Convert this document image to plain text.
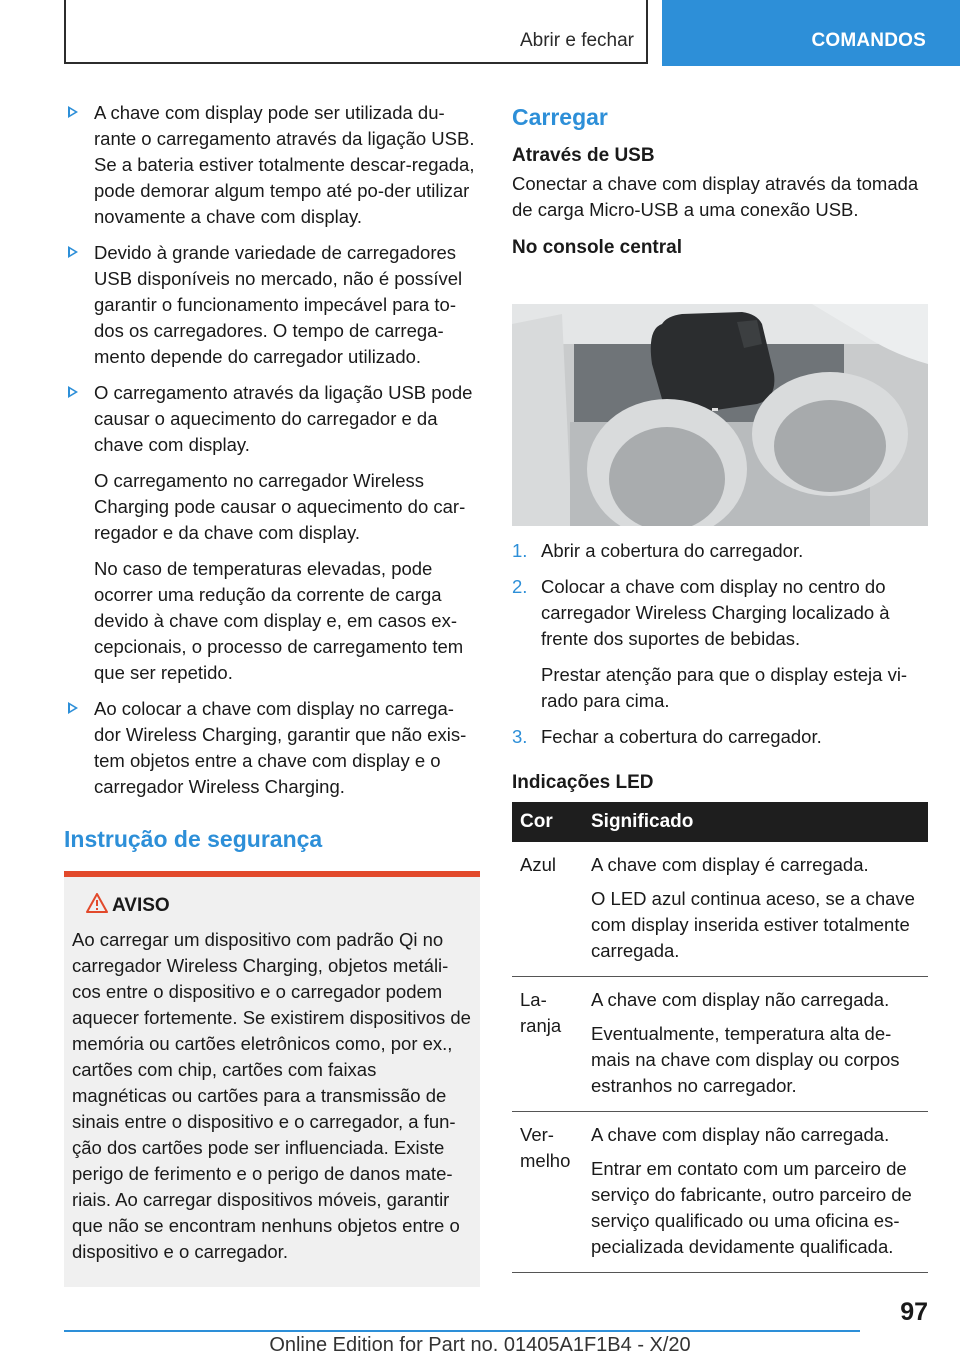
Abrir e fechar	COMANDOS
A chave com display pode ser utilizada du-rante o carregamento através da ligação USB. Se a bateria estiver totalmente descar-regada, pode demorar algum tempo até po-der utilizar novamente a chave com display.
Devido à grande variedade de carregadores USB disponíveis no mercado, não é possível garantir o funcionamento impecável para to-dos os carregadores. O tempo de carrega-mento depende do carregador utilizado.
O carregamento através da ligação USB pode causar o aquecimento do carregador e da chave com display.
O carregamento no carregador Wireless Charging pode causar o aquecimento do car-regador e da chave com display.
No caso de temperaturas elevadas, pode ocorrer uma redução da corrente de carga devido à chave com display e, em casos ex-cepcionais, o processo de carregamento tem que ser repetido.
Ao colocar a chave com display no carrega-dor Wireless Charging, garantir que não exis-tem objetos entre a chave com display e o carregador Wireless Charging.
Instrução de segurança
AVISO
Ao carregar um dispositivo com padrão Qi no carregador Wireless Charging, objetos metáli-cos entre o dispositivo e o carregador podem aquecer fortemente. Se existirem dispositivos de memória ou cartões eletrônicos como, por ex., cartões com chip, cartões com faixas magnéticas ou cartões para a transmissão de sinais entre o dispositivo e o carregador, a fun-ção dos cartões pode ser influenciada. Existe perigo de ferimento e o perigo de danos mate-riais. Ao carregar dispositivos móveis, garantir que não se encontram nenhuns objetos entre o dispositivo e o carregador.
Carregar

Através de USB

Conectar a chave com display através da tomada de carga Micro-USB a uma conexão USB.

No console central

1. Abrir a cobertura do carregador.
2. Colocar a chave com display no centro do carregador Wireless Charging localizado à frente dos suportes de bebidas.
Prestar atenção para que o display esteja vi-rado para cima.
3. Fechar a cobertura do carregador.

Indicações LED

Cor	Significado
Azul	A chave com display é carregada.

O LED azul continua aceso, se a chave com display inserida estiver totalmente carregada.

La-ranja	A chave com display não carregada.

Eventualmente, temperatura alta de-mais na chave com display ou corpos estranhos no carregador.

Ver-melho	A chave com display não carregada.

Entrar em contato com um parceiro de serviço do fabricante, outro parceiro de serviço qualificado ou uma oficina es-pecializada devidamente qualificada.

97
Online Edition for Part no. 01405A1F1B4 - X/20
